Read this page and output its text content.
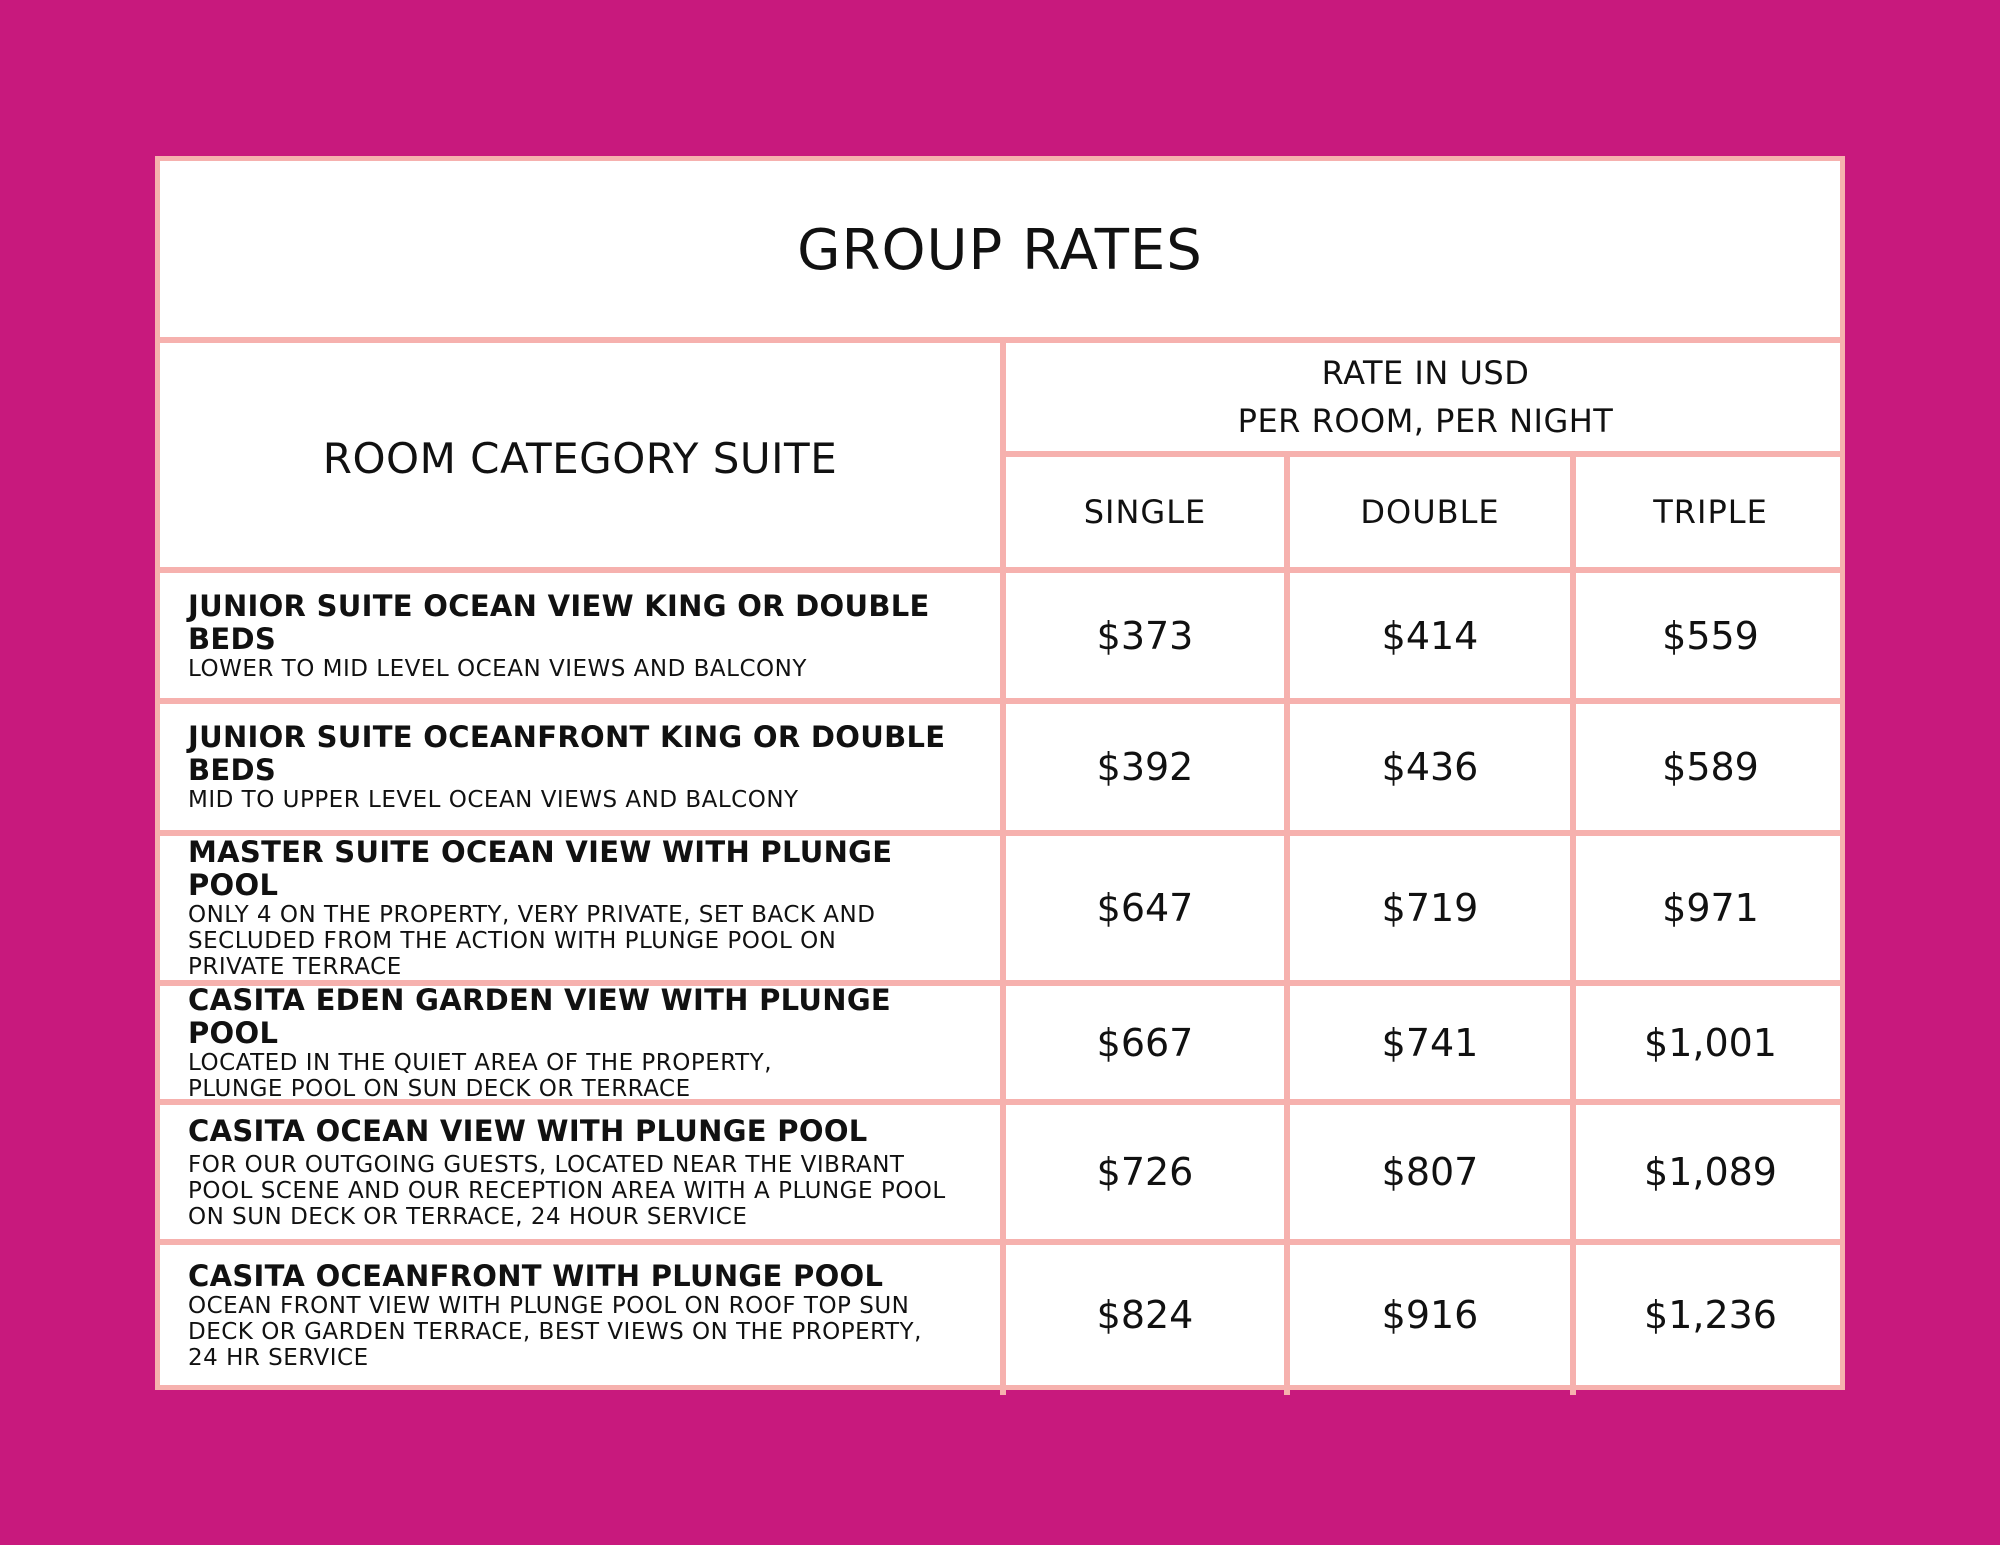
GROUP RATES
ROOM CATEGORY SUITE
RATE IN USD
PER ROOM, PER NIGHT
SINGLE	DOUBLE	TRIPLE
JUNIOR SUITE OCEAN VIEW KING OR DOUBLE BEDS
LOWER TO MID LEVEL OCEAN VIEWS AND BALCONY
$373	$414	$559
JUNIOR SUITE OCEANFRONT KING OR DOUBLE BEDS
MID TO UPPER LEVEL OCEAN VIEWS AND BALCONY
$392	$436	$589
MASTER SUITE OCEAN VIEW WITH PLUNGE POOL
ONLY 4 ON THE PROPERTY, VERY PRIVATE, SET BACK AND
SECLUDED FROM THE ACTION WITH PLUNGE POOL ON
PRIVATE TERRACE
$647	$719	$971
CASITA EDEN GARDEN VIEW WITH PLUNGE POOL
LOCATED IN THE QUIET AREA OF THE PROPERTY,
PLUNGE POOL ON SUN DECK OR TERRACE
$667	$741	$1,001
CASITA OCEAN VIEW WITH PLUNGE POOL
FOR OUR OUTGOING GUESTS, LOCATED NEAR THE VIBRANT
POOL SCENE AND OUR RECEPTION AREA WITH A PLUNGE POOL
ON SUN DECK OR TERRACE, 24 HOUR SERVICE
$726	$807	$1,089
CASITA OCEANFRONT WITH PLUNGE POOL
OCEAN FRONT VIEW WITH PLUNGE POOL ON ROOF TOP SUN
DECK OR GARDEN TERRACE, BEST VIEWS ON THE PROPERTY,
24 HR SERVICE
$824	$916	$1,236
